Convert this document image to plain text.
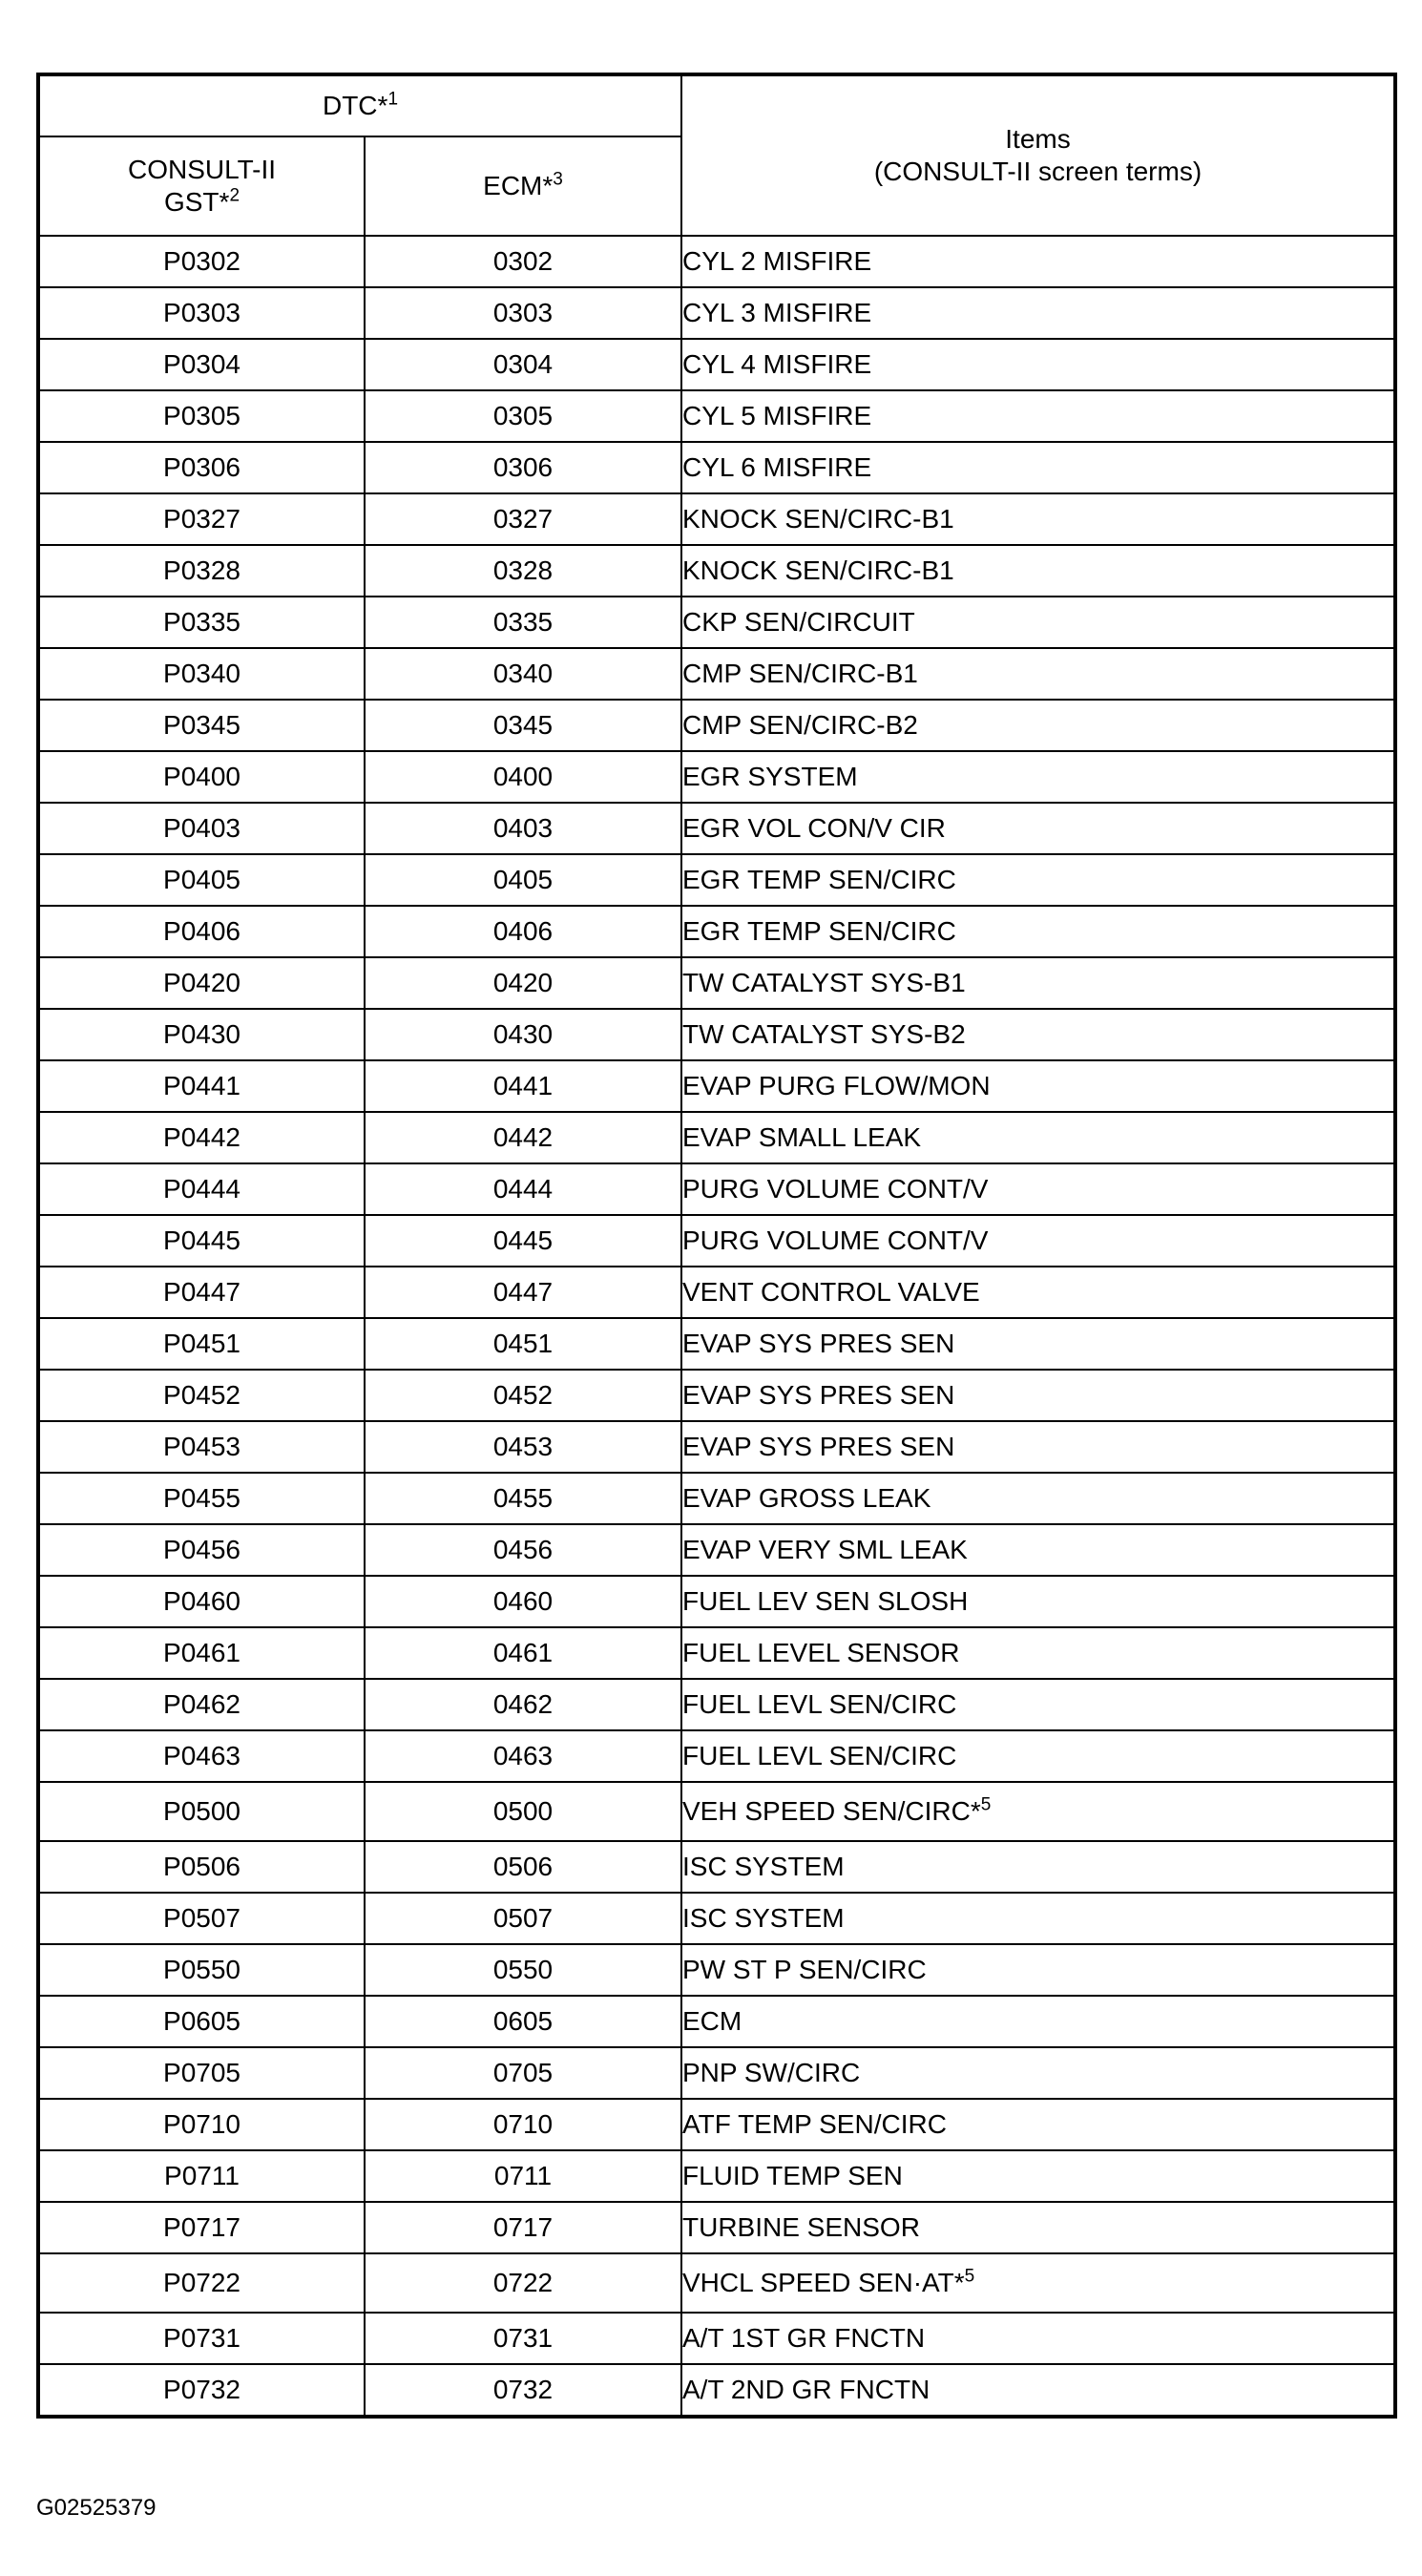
DTC*$^1$		Items
(CONSULT-II screen terms)
CONSULT-II
GST*$^2$	ECM*$^3$
P0302	0302	CYL 2 MISFIRE
P0303	0303	CYL 3 MISFIRE
P0304	0304	CYL 4 MISFIRE
P0305	0305	CYL 5 MISFIRE
P0306	0306	CYL 6 MISFIRE
P0327	0327	KNOCK SEN/CIRC-B1
P0328	0328	KNOCK SEN/CIRC-B1
P0335	0335	CKP SEN/CIRCUIT
P0340	0340	CMP SEN/CIRC-B1
P0345	0345	CMP SEN/CIRC-B2
P0400	0400	EGR SYSTEM
P0403	0403	EGR VOL CON/V CIR
P0405	0405	EGR TEMP SEN/CIRC
P0406	0406	EGR TEMP SEN/CIRC
P0420	0420	TW CATALYST SYS-B1
P0430	0430	TW CATALYST SYS-B2
P0441	0441	EVAP PURG FLOW/MON
P0442	0442	EVAP SMALL LEAK
P0444	0444	PURG VOLUME CONT/V
P0445	0445	PURG VOLUME CONT/V
P0447	0447	VENT CONTROL VALVE
P0451	0451	EVAP SYS PRES SEN
P0452	0452	EVAP SYS PRES SEN
P0453	0453	EVAP SYS PRES SEN
P0455	0455	EVAP GROSS LEAK
P0456	0456	EVAP VERY SML LEAK
P0460	0460	FUEL LEV SEN SLOSH
P0461	0461	FUEL LEVEL SENSOR
P0462	0462	FUEL LEVL SEN/CIRC
P0463	0463	FUEL LEVL SEN/CIRC
P0500	0500	VEH SPEED SEN/CIRC*$^5$
P0506	0506	ISC SYSTEM
P0507	0507	ISC SYSTEM
P0550	0550	PW ST P SEN/CIRC
P0605	0605	ECM
P0705	0705	PNP SW/CIRC
P0710	0710	ATF TEMP SEN/CIRC
P0711	0711	FLUID TEMP SEN
P0717	0717	TURBINE SENSOR
P0722	0722	VHCL SPEED SEN·AT*$^5$
P0731	0731	A/T 1ST GR FNCTN
P0732	0732	A/T 2ND GR FNCTN
G02525379
